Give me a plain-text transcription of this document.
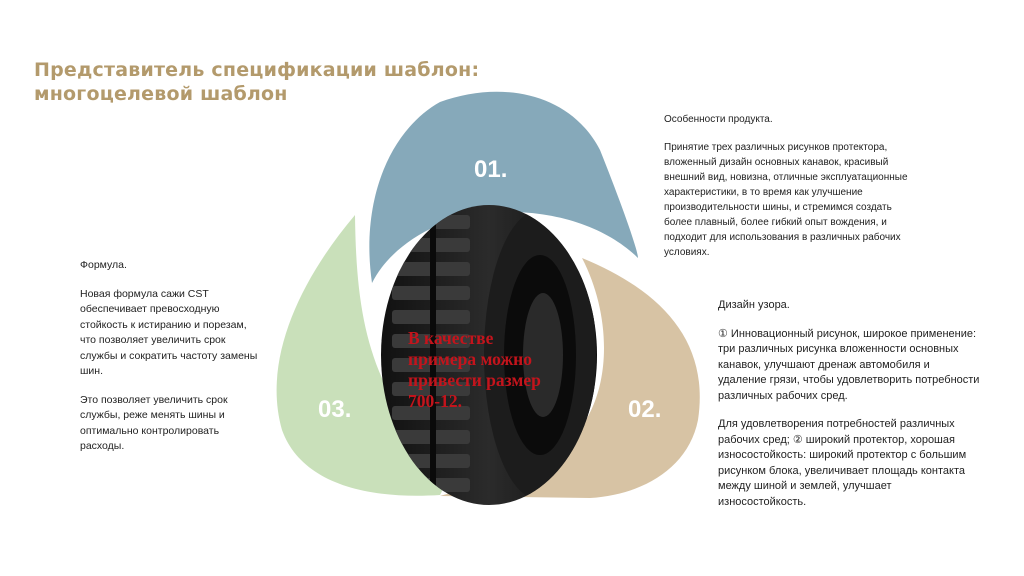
Представитель спецификации шаблон:
многоцелевой шаблон
01.
02.
03.
В качестве
примера можно
привести размер
700-12.

Особенности продукта.

Принятие трех различных рисунков протектора, вложенный дизайн основных канавок, красивый внешний вид, новизна, отличные эксплуатационные характеристики, в то время как улучшение производительности шины, и стремимся создать более плавный, более гибкий опыт вождения, и подходит для использования в различных рабочих условиях.

Дизайн узора.

① Инновационный рисунок, широкое применение: три различных рисунка вложенности основных канавок, улучшают дренаж автомобиля и удаление грязи, чтобы удовлетворить потребности различных рабочих сред.

Для удовлетворения потребностей различных рабочих сред; ② широкий протектор, хорошая износостойкость: широкий протектор с большим рисунком блока, увеличивает площадь контакта между шиной и землей, улучшает износостойкость.

Формула.

Новая формула сажи CST обеспечивает превосходную стойкость к истиранию и порезам, что позволяет увеличить срок службы и сократить частоту замены шин.

Это позволяет увеличить срок службы, реже менять шины и оптимально контролировать расходы.
